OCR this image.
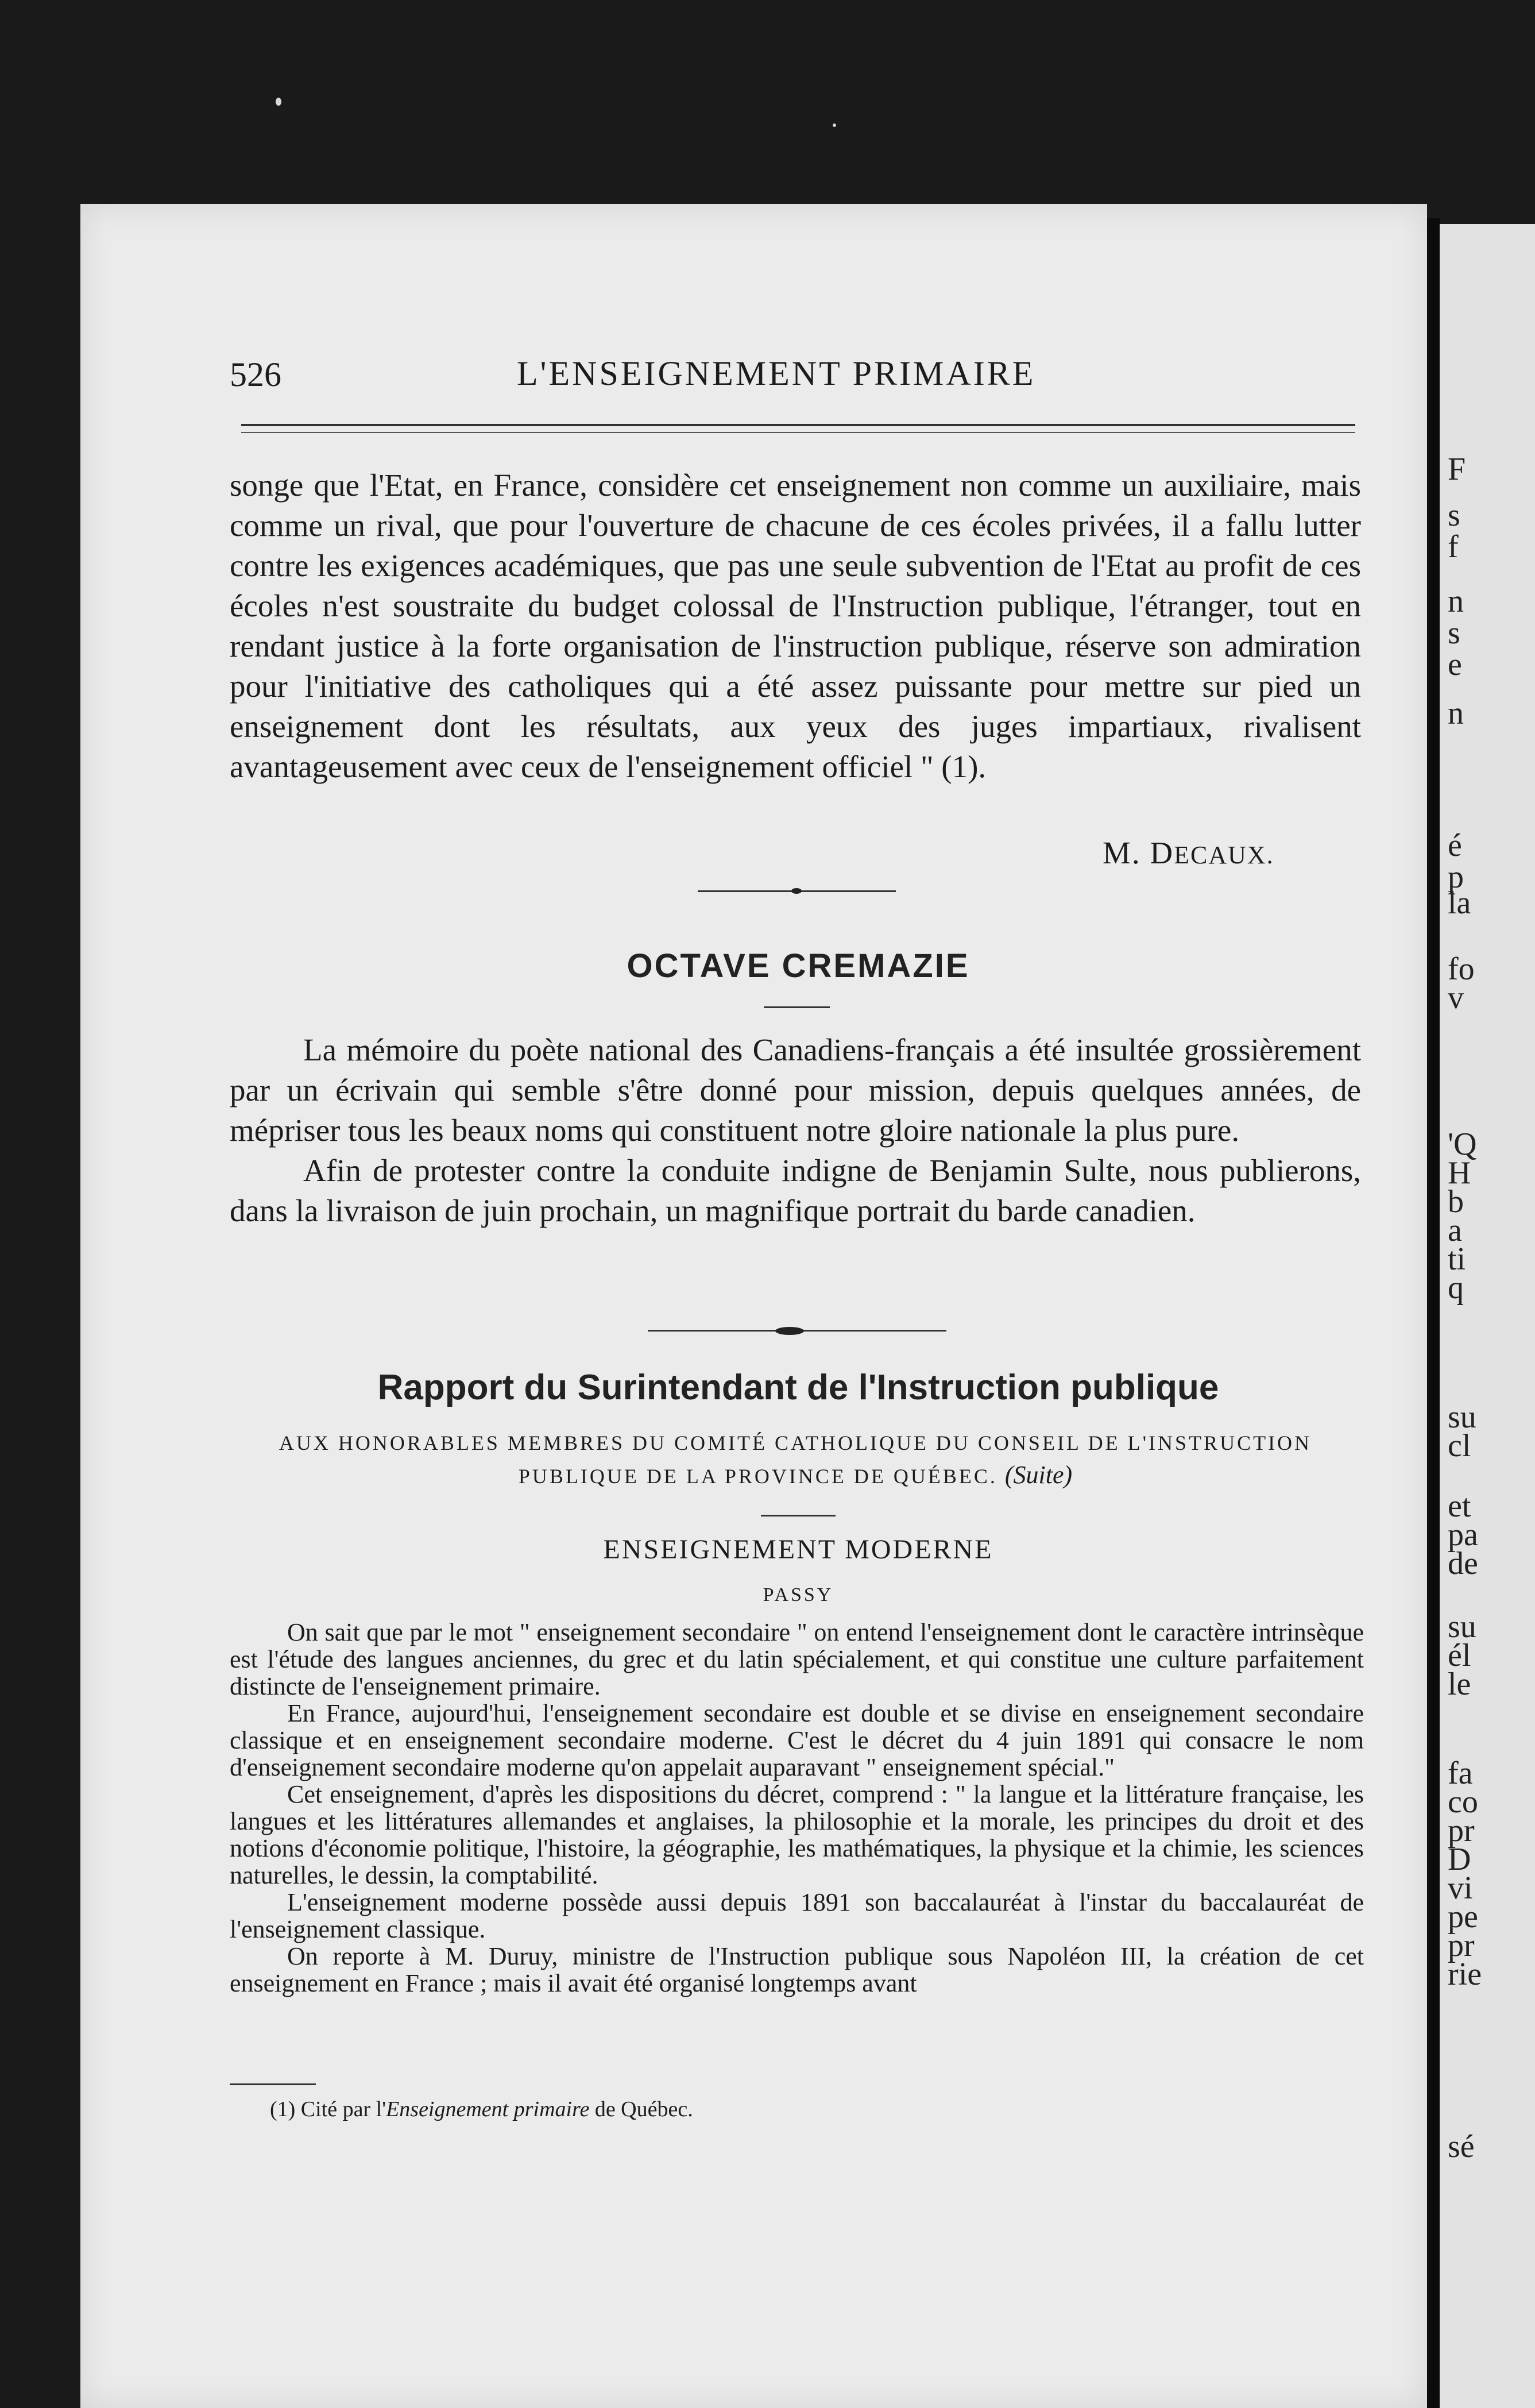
F
s
f
n
s
e
n
é
p
la
fo
v
'Q
H
b
a
ti
q
su
cl
et
pa
de
su
él
le
fa
co
pr
D
vi
pe
pr
rie
sé
526	L'ENSEIGNEMENT PRIMAIRE

songe que l'Etat, en France, considère cet enseignement non comme un auxiliaire, mais comme un rival, que pour l'ouverture de chacune de ces écoles privées, il a fallu lutter contre les exigences académiques, que pas une seule subvention de l'Etat au profit de ces écoles n'est soustraite du budget colossal de l'Instruction publique, l'étranger, tout en rendant justice à la forte organisation de l'instruction publique, réserve son admiration pour l'initiative des catholiques qui a été assez puissante pour mettre sur pied un enseignement dont les résultats, aux yeux des juges impartiaux, rivalisent avantageusement avec ceux de l'enseignement officiel " (1).

M. DECAUX.
OCTAVE CREMAZIE

La mémoire du poète national des Canadiens-français a été insultée grossièrement par un écrivain qui semble s'être donné pour mission, depuis quelques années, de mépriser tous les beaux noms qui constituent notre gloire nationale la plus pure.

Afin de protester contre la conduite indigne de Benjamin Sulte, nous publierons, dans la livraison de juin prochain, un magnifique portrait du barde canadien.

Rapport du Surintendant de l'Instruction publique
AUX HONORABLES MEMBRES DU COMITÉ CATHOLIQUE DU CONSEIL DE L'INSTRUCTION PUBLIQUE DE LA PROVINCE DE QUÉBEC. (Suite)
ENSEIGNEMENT MODERNE
PASSY

On sait que par le mot " enseignement secondaire " on entend l'enseignement dont le caractère intrinsèque est l'étude des langues anciennes, du grec et du latin spécialement, et qui constitue une culture parfaitement distincte de l'enseignement primaire.

En France, aujourd'hui, l'enseignement secondaire est double et se divise en enseignement secondaire classique et en enseignement secondaire moderne. C'est le décret du 4 juin 1891 qui consacre le nom d'enseignement secondaire moderne qu'on appelait auparavant " enseignement spécial."

Cet enseignement, d'après les dispositions du décret, comprend : " la langue et la littérature française, les langues et les littératures allemandes et anglaises, la philosophie et la morale, les principes du droit et des notions d'économie politique, l'histoire, la géographie, les mathématiques, la physique et la chimie, les sciences naturelles, le dessin, la comptabilité.

L'enseignement moderne possède aussi depuis 1891 son baccalauréat à l'instar du baccalauréat de l'enseignement classique.

On reporte à M. Duruy, ministre de l'Instruction publique sous Napoléon III, la création de cet enseignement en France ; mais il avait été organisé longtemps avant

(1) Cité par l'Enseignement primaire de Québec.
